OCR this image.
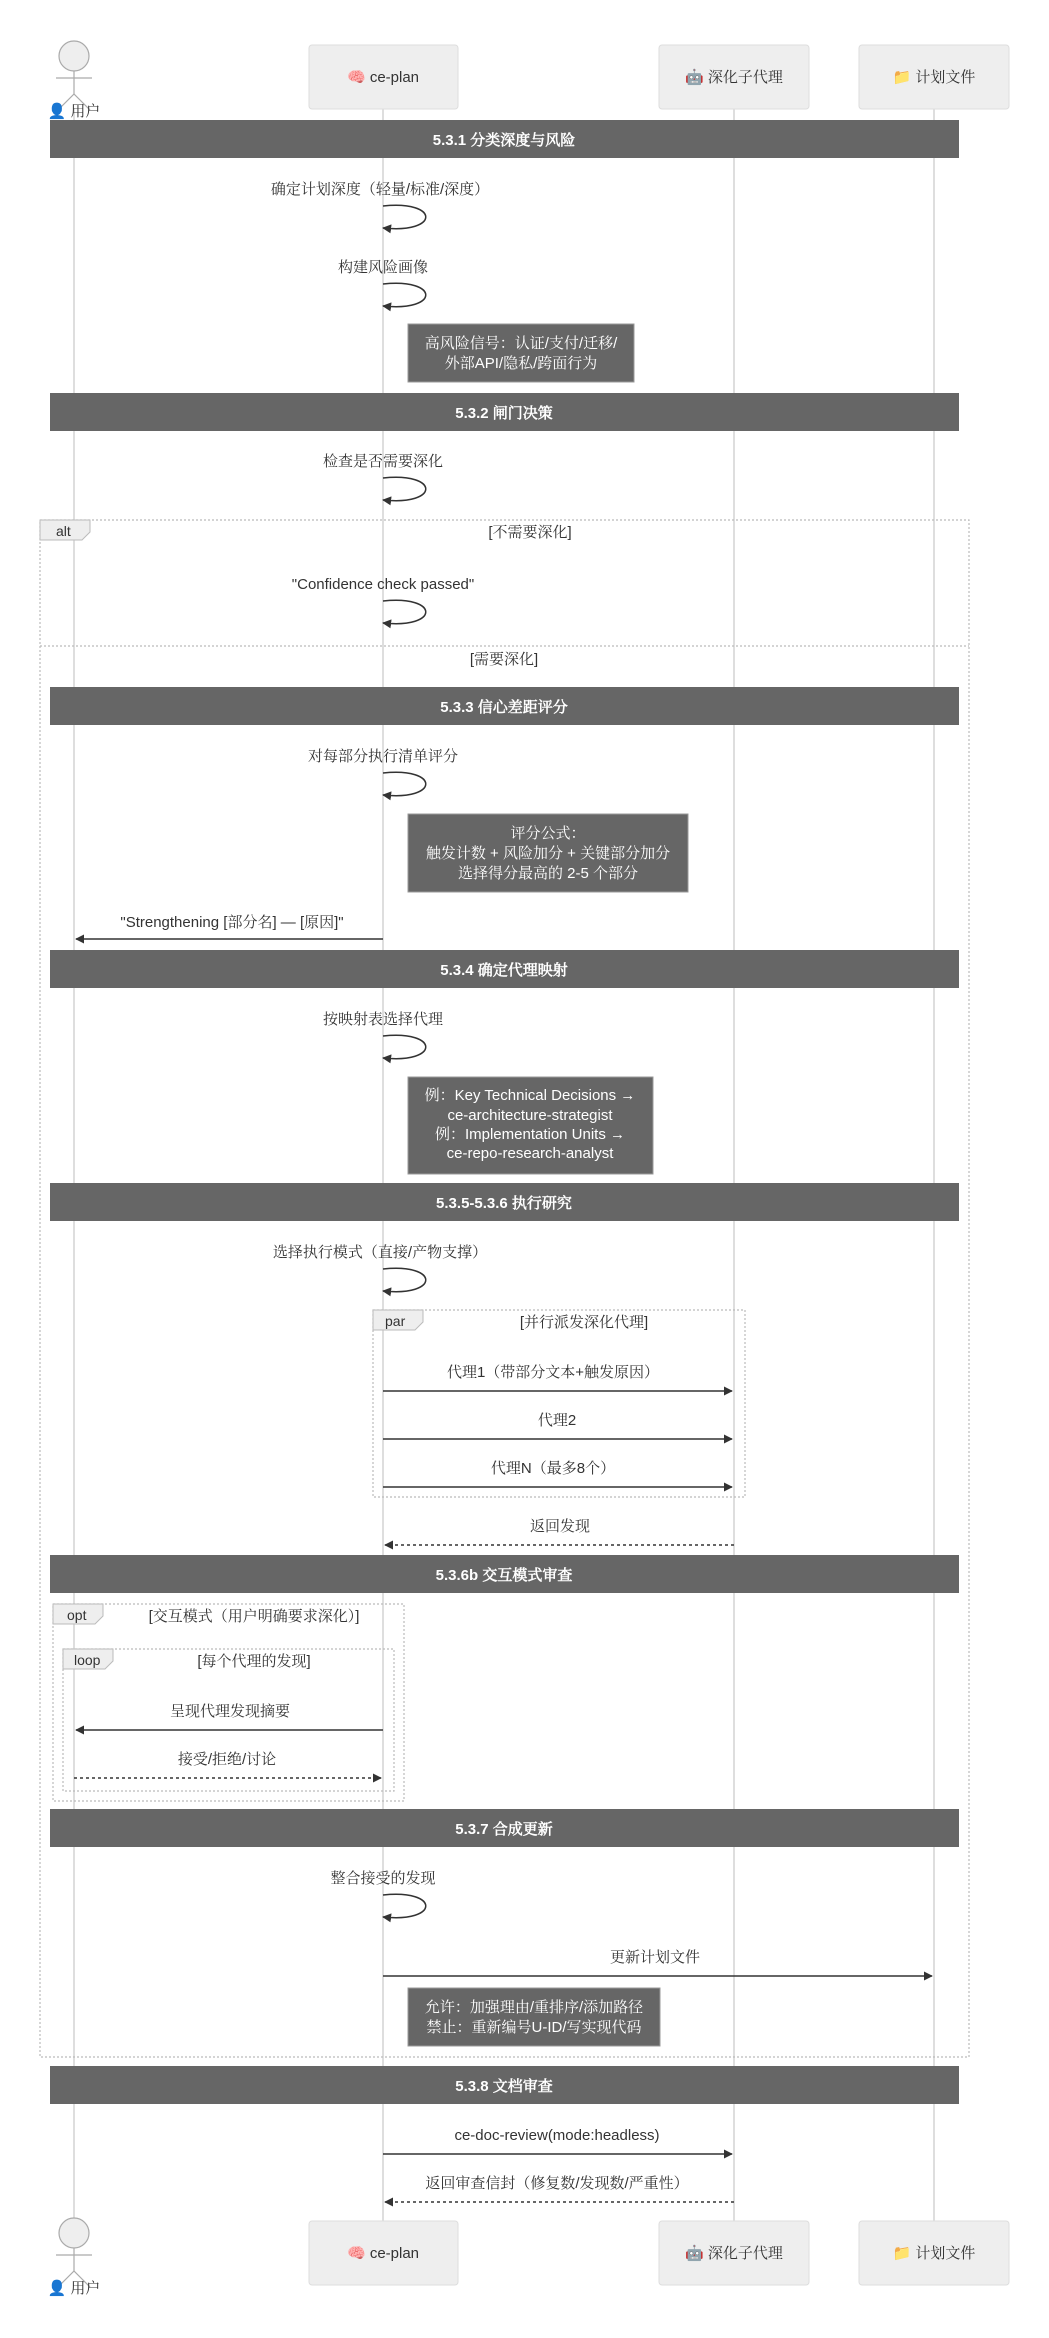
👤 用户
🧠 ce-plan	🤖 深化子代理	📁 计划文件
5.3.1 分类深度与风险
确定计划深度（轻量/标准/深度）
构建风险画像
高风险信号：认证/支付/迁移/
外部API/隐私/跨面行为
5.3.2 闸门决策
检查是否需要深化
alt	[不需要深化]
[需要深化]
"Confidence check passed"
5.3.3 信心差距评分
对每部分执行清单评分
评分公式：
触发计数 + 风险加分 + 关键部分加分
选择得分最高的 2-5 个部分
"Strengthening [部分名] — [原因]"
5.3.4 确定代理映射
按映射表选择代理
例：Key Technical Decisions →
ce-architecture-strategist
例：Implementation Units →
ce-repo-research-analyst
5.3.5-5.3.6 执行研究
选择执行模式（直接/产物支撑）
par	[并行派发深化代理]
代理1（带部分文本+触发原因）
代理2
代理N（最多8个）
返回发现
5.3.6b 交互模式审查
opt	[交互模式（用户明确要求深化）]
loop	[每个代理的发现]
呈现代理发现摘要
接受/拒绝/讨论
5.3.7 合成更新
整合接受的发现
更新计划文件
允许：加强理由/重排序/添加路径
禁止：重新编号U-ID/写实现代码
5.3.8 文档审查
ce-doc-review(mode:headless)
返回审查信封（修复数/发现数/严重性）
👤 用户
🧠 ce-plan	🤖 深化子代理	📁 计划文件
